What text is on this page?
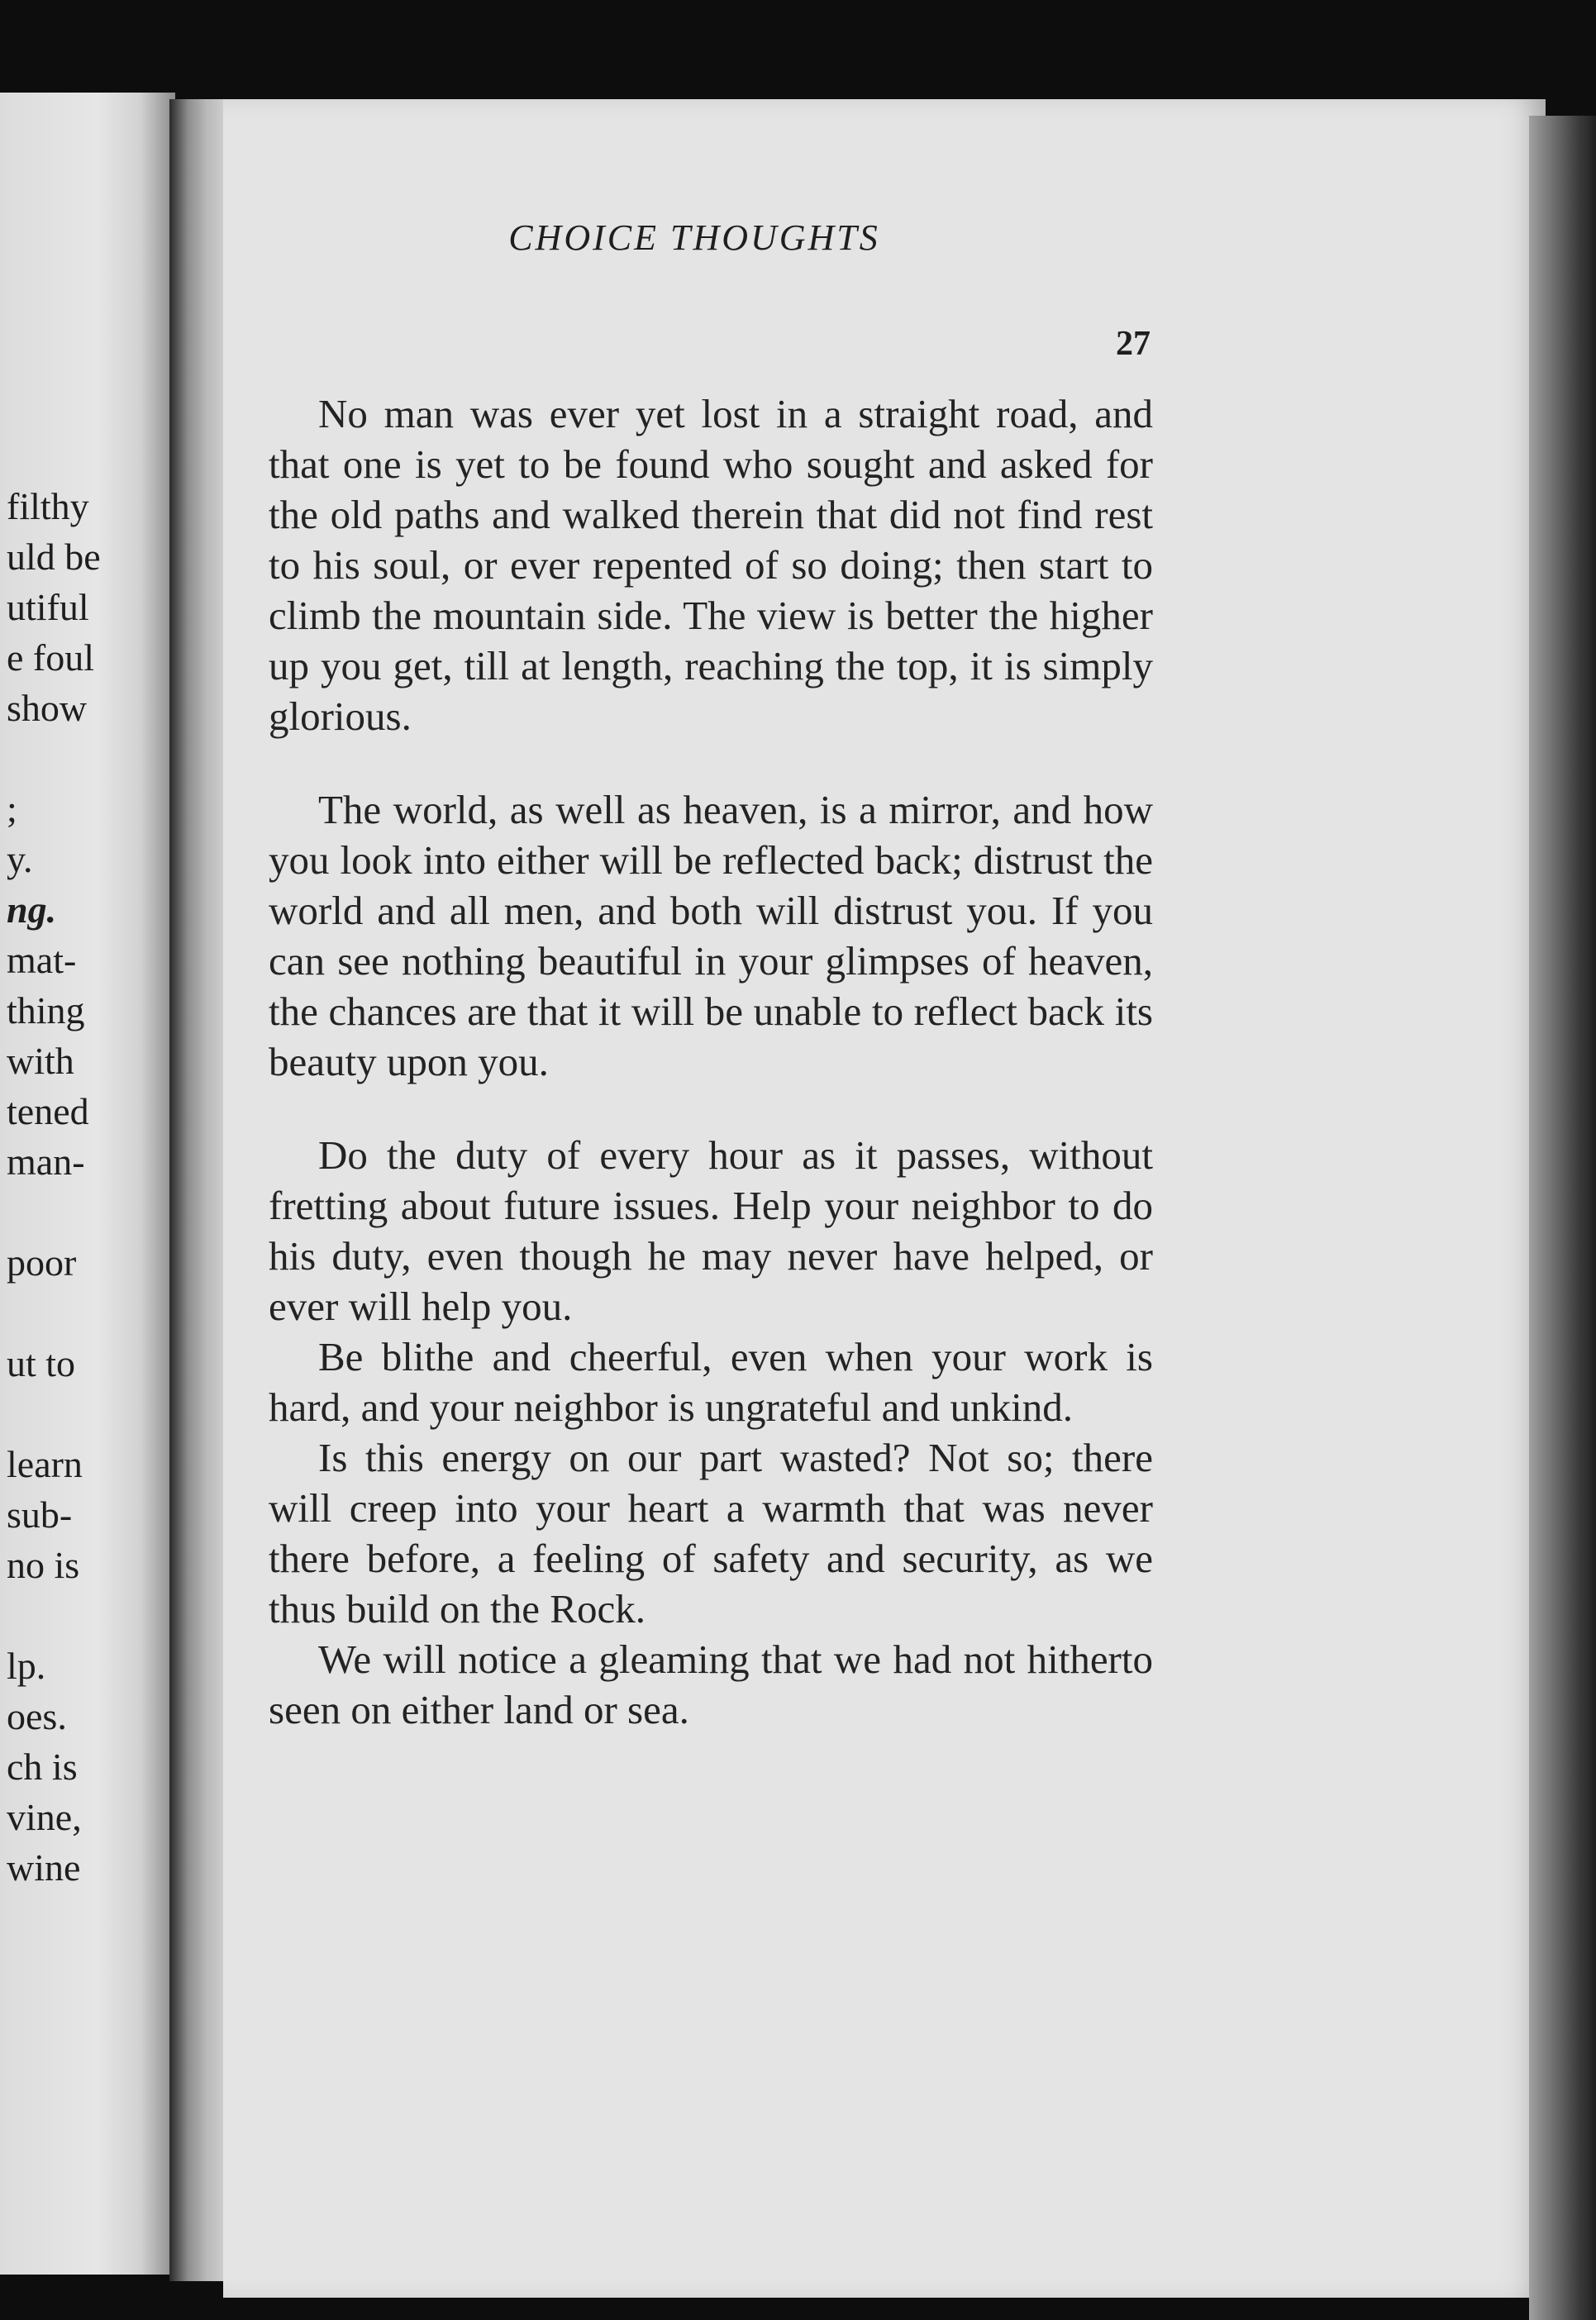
filthy
uld be
utiful
e foul
show
;
y.
ng.
mat-
thing
with
tened
man-
poor
ut to
learn
sub-
no is
lp.
oes.
ch is
vine,
wine
CHOICE THOUGHTS
27

No man was ever yet lost in a straight road, and that one is yet to be found who sought and asked for the old paths and walked therein that did not find rest to his soul, or ever repented of so doing; then start to climb the mountain side. The view is better the higher up you get, till at length, reaching the top, it is simply glorious.

The world, as well as heaven, is a mirror, and how you look into either will be reflected back; distrust the world and all men, and both will distrust you. If you can see nothing beautiful in your glimpses of heaven, the chances are that it will be unable to reflect back its beauty upon you.

Do the duty of every hour as it passes, without fretting about future issues. Help your neighbor to do his duty, even though he may never have helped, or ever will help you.

Be blithe and cheerful, even when your work is hard, and your neighbor is ungrateful and unkind.

Is this energy on our part wasted? Not so; there will creep into your heart a warmth that was never there before, a feeling of safety and security, as we thus build on the Rock.

We will notice a gleaming that we had not hitherto seen on either land or sea.
